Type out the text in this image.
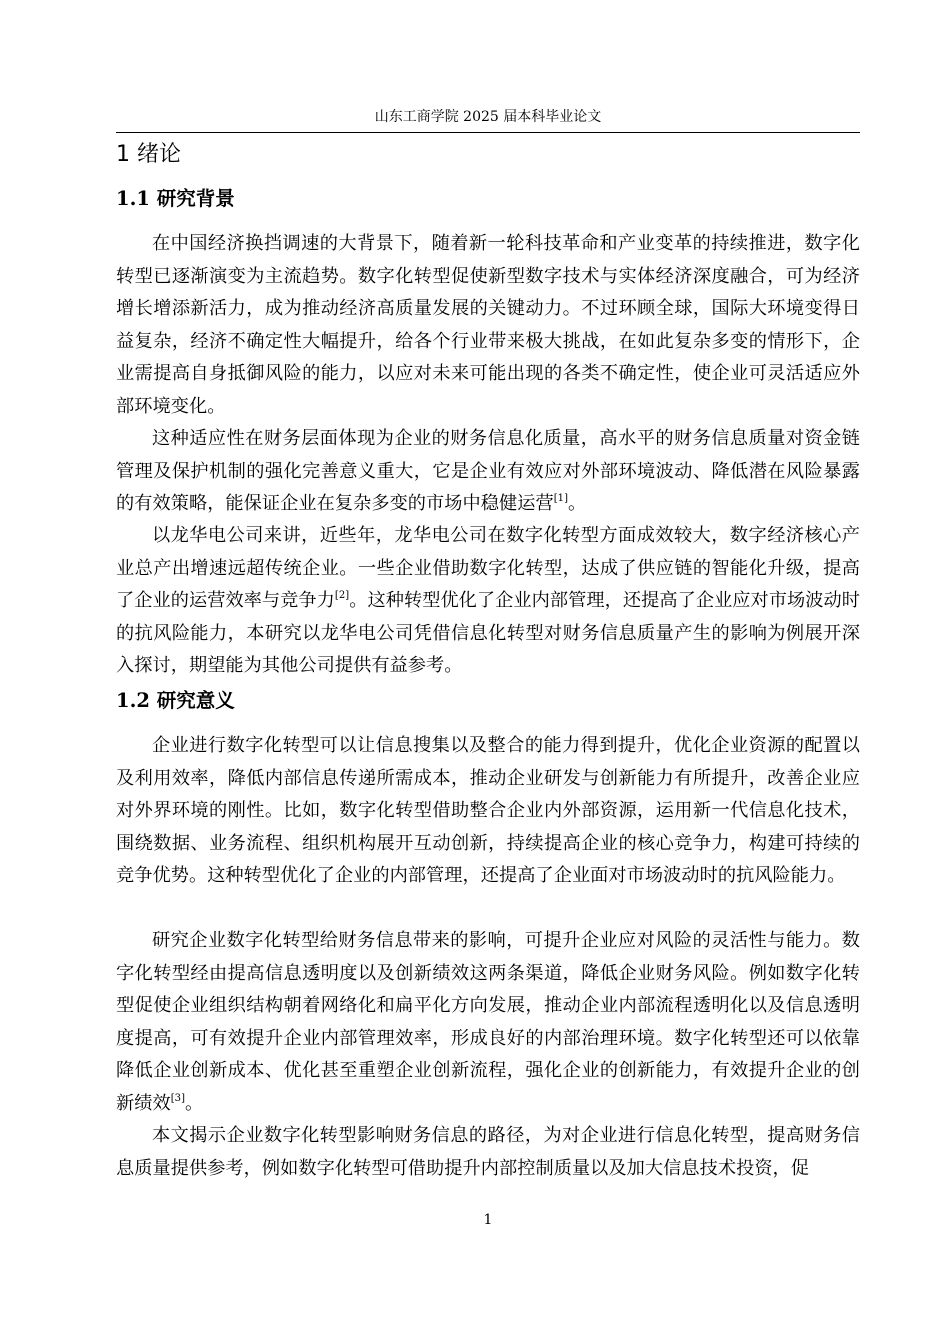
山东工商学院 2025 届本科毕业论文
1 绪论
1.1 研究背景

在中国经济换挡调速的大背景下，随着新一轮科技革命和产业变革的持续推进，数字化转型已逐渐演变为主流趋势。数字化转型促使新型数字技术与实体经济深度融合，可为经济增长增添新活力，成为推动经济高质量发展的关键动力。不过环顾全球，国际大环境变得日益复杂，经济不确定性大幅提升，给各个行业带来极大挑战，在如此复杂多变的情形下，企业需提高自身抵御风险的能力，以应对未来可能出现的各类不确定性，使企业可灵活适应外部环境变化。

这种适应性在财务层面体现为企业的财务信息化质量，高水平的财务信息质量对资金链管理及保护机制的强化完善意义重大，它是企业有效应对外部环境波动、降低潜在风险暴露的有效策略，能保证企业在复杂多变的市场中稳健运营[1]。

以龙华电公司来讲，近些年，龙华电公司在数字化转型方面成效较大，数字经济核心产业总产出增速远超传统企业。一些企业借助数字化转型，达成了供应链的智能化升级，提高了企业的运营效率与竞争力[2]。这种转型优化了企业内部管理，还提高了企业应对市场波动时的抗风险能力，本研究以龙华电公司凭借信息化转型对财务信息质量产生的影响为例展开深入探讨，期望能为其他公司提供有益参考。

1.2 研究意义

企业进行数字化转型可以让信息搜集以及整合的能力得到提升，优化企业资源的配置以及利用效率，降低内部信息传递所需成本，推动企业研发与创新能力有所提升，改善企业应对外界环境的刚性。比如，数字化转型借助整合企业内外部资源，运用新一代信息化技术，围绕数据、业务流程、组织机构展开互动创新，持续提高企业的核心竞争力，构建可持续的竞争优势。这种转型优化了企业的内部管理，还提高了企业面对市场波动时的抗风险能力。

研究企业数字化转型给财务信息带来的影响，可提升企业应对风险的灵活性与能力。数字化转型经由提高信息透明度以及创新绩效这两条渠道，降低企业财务风险。例如数字化转型促使企业组织结构朝着网络化和扁平化方向发展，推动企业内部流程透明化以及信息透明度提高，可有效提升企业内部管理效率，形成良好的内部治理环境。数字化转型还可以依靠降低企业创新成本、优化甚至重塑企业创新流程，强化企业的创新能力，有效提升企业的创新绩效[3]。

本文揭示企业数字化转型影响财务信息的路径，为对企业进行信息化转型，提高财务信息质量提供参考，例如数字化转型可借助提升内部控制质量以及加大信息技术投资，促

1
